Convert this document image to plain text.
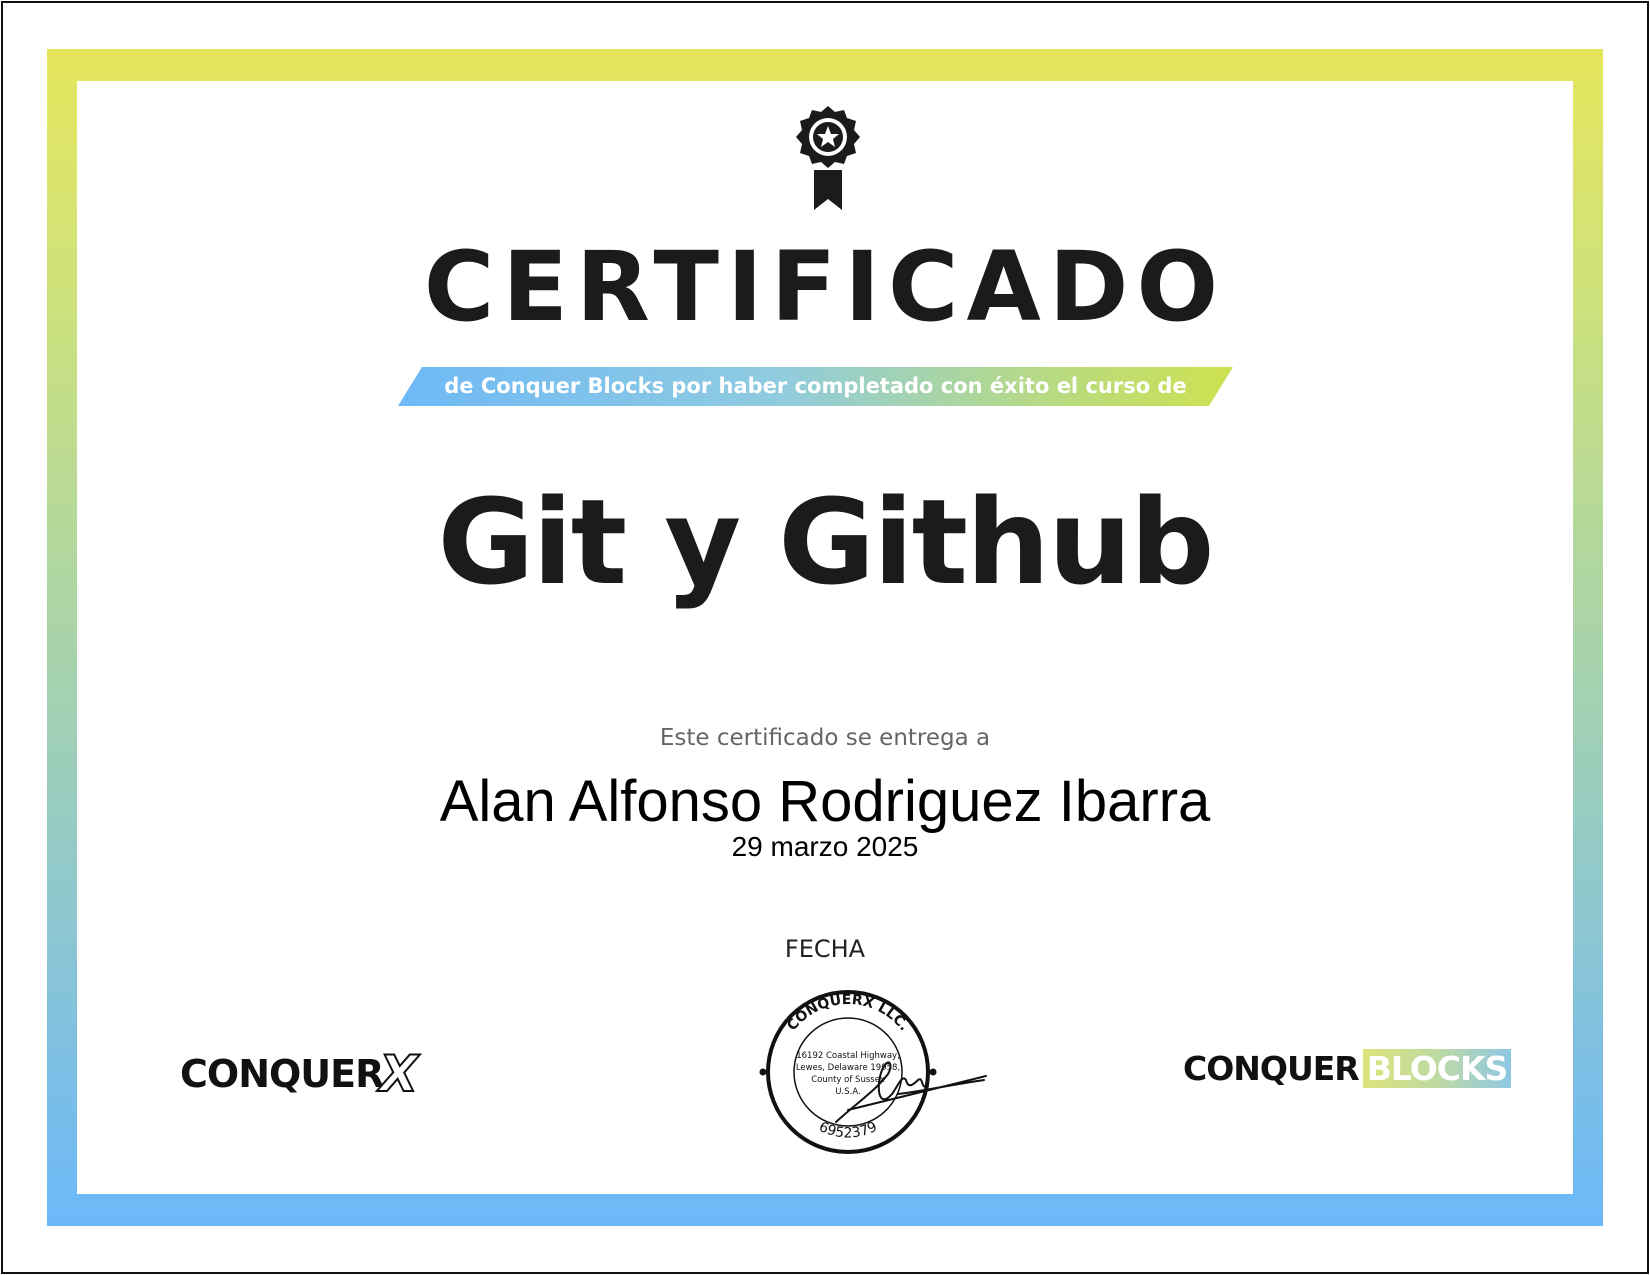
CERTIFICADO
de Conquer Blocks por haber completado con éxito el curso de
Git y Github
Este certificado se entrega a
Alan Alfonso Rodriguez Ibarra
29 marzo 2025
FECHA
CONQUERX LLC.
6952379
16192 Coastal Highway,
Lewes, Delaware 19958,
County of Sussex
U.S.A.
CONQUERX	CONQUER BLOCKS
